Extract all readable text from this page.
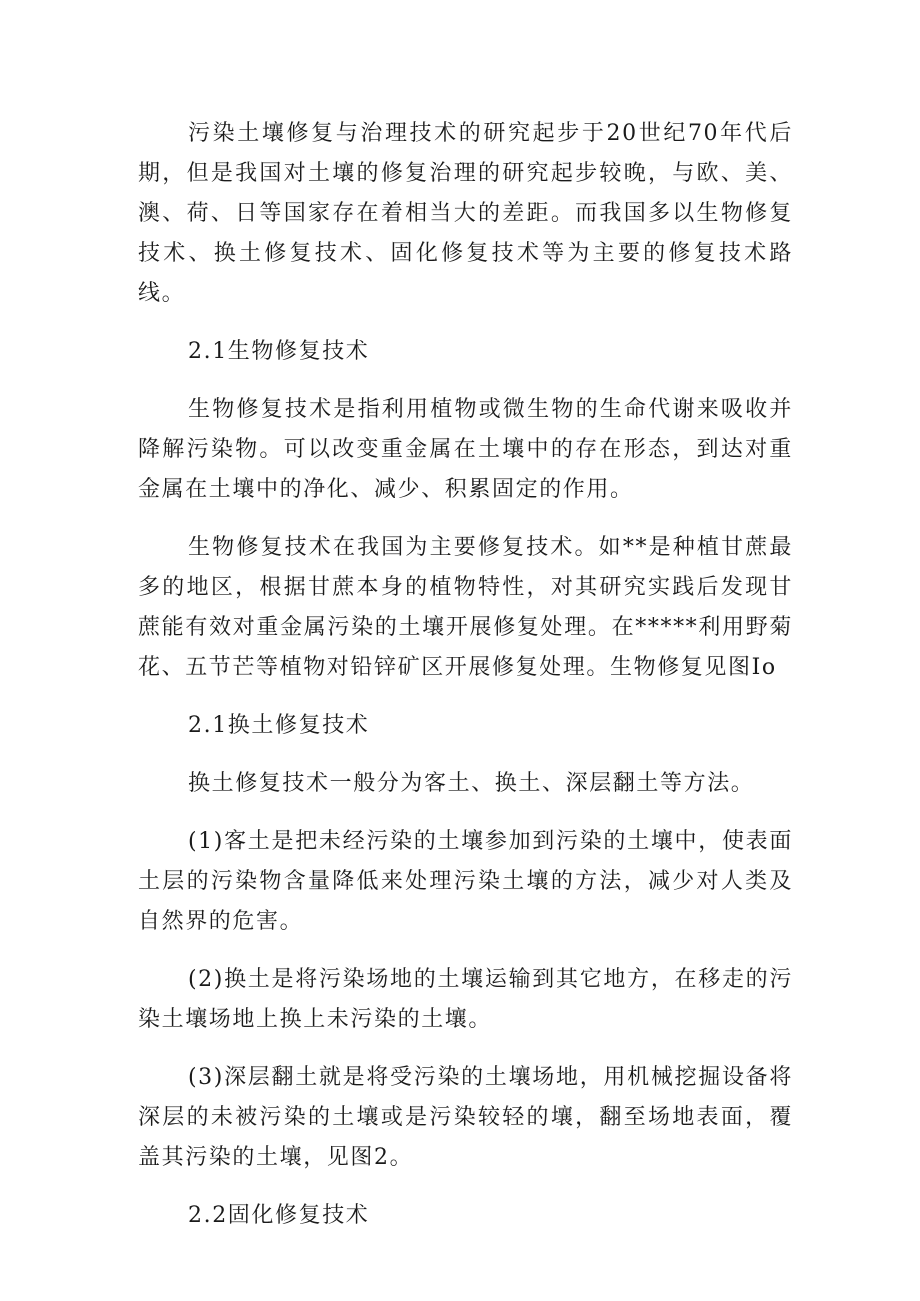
污染土壤修复与治理技术的研究起步于20世纪70年代后期，但是我国对土壤的修复治理的研究起步较晚，与欧、美、澳、荷、日等国家存在着相当大的差距。而我国多以生物修复技术、换土修复技术、固化修复技术等为主要的修复技术路线。

2.1生物修复技术

生物修复技术是指利用植物或微生物的生命代谢来吸收并降解污染物。可以改变重金属在土壤中的存在形态，到达对重金属在土壤中的净化、减少、积累固定的作用。

生物修复技术在我国为主要修复技术。如**是种植甘蔗最多的地区，根据甘蔗本身的植物特性，对其研究实践后发现甘蔗能有效对重金属污染的土壤开展修复处理。在*****利用野菊花、五节芒等植物对铅锌矿区开展修复处理。生物修复见图Io

2.1换土修复技术

换土修复技术一般分为客土、换土、深层翻土等方法。

(1)客土是把未经污染的土壤参加到污染的土壤中，使表面土层的污染物含量降低来处理污染土壤的方法，减少对人类及自然界的危害。

(2)换土是将污染场地的土壤运输到其它地方，在移走的污染土壤场地上换上未污染的土壤。

(3)深层翻土就是将受污染的土壤场地，用机械挖掘设备将深层的未被污染的土壤或是污染较轻的壤，翻至场地表面，覆盖其污染的土壤，见图2。

2.2固化修复技术
